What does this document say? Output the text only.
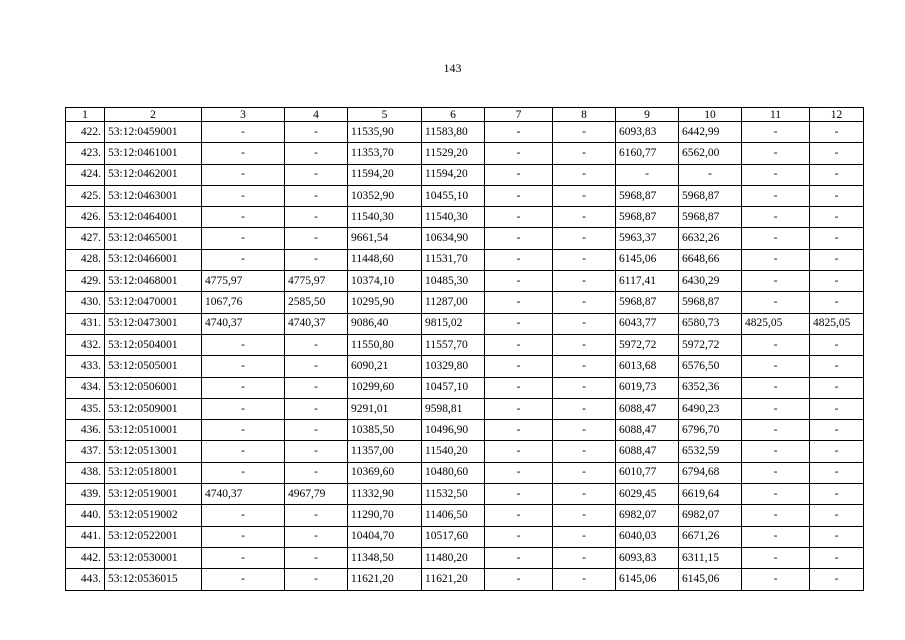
143
1	2	3	4	5	6	7	8	9	10	11	12
422.	53:12:0459001	-	-	11535,90	11583,80	-	-	6093,83	6442,99	-	-
423.	53:12:0461001	-	-	11353,70	11529,20	-	-	6160,77	6562,00	-	-
424.	53:12:0462001	-	-	11594,20	11594,20	-	-	-	-	-	-
425.	53:12:0463001	-	-	10352,90	10455,10	-	-	5968,87	5968,87	-	-
426.	53:12:0464001	-	-	11540,30	11540,30	-	-	5968,87	5968,87	-	-
427.	53:12:0465001	-	-	9661,54	10634,90	-	-	5963,37	6632,26	-	-
428.	53:12:0466001	-	-	11448,60	11531,70	-	-	6145,06	6648,66	-	-
429.	53:12:0468001	4775,97	4775,97	10374,10	10485,30	-	-	6117,41	6430,29	-	-
430.	53:12:0470001	1067,76	2585,50	10295,90	11287,00	-	-	5968,87	5968,87	-	-
431.	53:12:0473001	4740,37	4740,37	9086,40	9815,02	-	-	6043,77	6580,73	4825,05	4825,05
432.	53:12:0504001	-	-	11550,80	11557,70	-	-	5972,72	5972,72	-	-
433.	53:12:0505001	-	-	6090,21	10329,80	-	-	6013,68	6576,50	-	-
434.	53:12:0506001	-	-	10299,60	10457,10	-	-	6019,73	6352,36	-	-
435.	53:12:0509001	-	-	9291,01	9598,81	-	-	6088,47	6490,23	-	-
436.	53:12:0510001	-	-	10385,50	10496,90	-	-	6088,47	6796,70	-	-
437.	53:12:0513001	-	-	11357,00	11540,20	-	-	6088,47	6532,59	-	-
438.	53:12:0518001	-	-	10369,60	10480,60	-	-	6010,77	6794,68	-	-
439.	53:12:0519001	4740,37	4967,79	11332,90	11532,50	-	-	6029,45	6619,64	-	-
440.	53:12:0519002	-	-	11290,70	11406,50	-	-	6982,07	6982,07	-	-
441.	53:12:0522001	-	-	10404,70	10517,60	-	-	6040,03	6671,26	-	-
442.	53:12:0530001	-	-	11348,50	11480,20	-	-	6093,83	6311,15	-	-
443.	53:12:0536015	-	-	11621,20	11621,20	-	-	6145,06	6145,06	-	-
